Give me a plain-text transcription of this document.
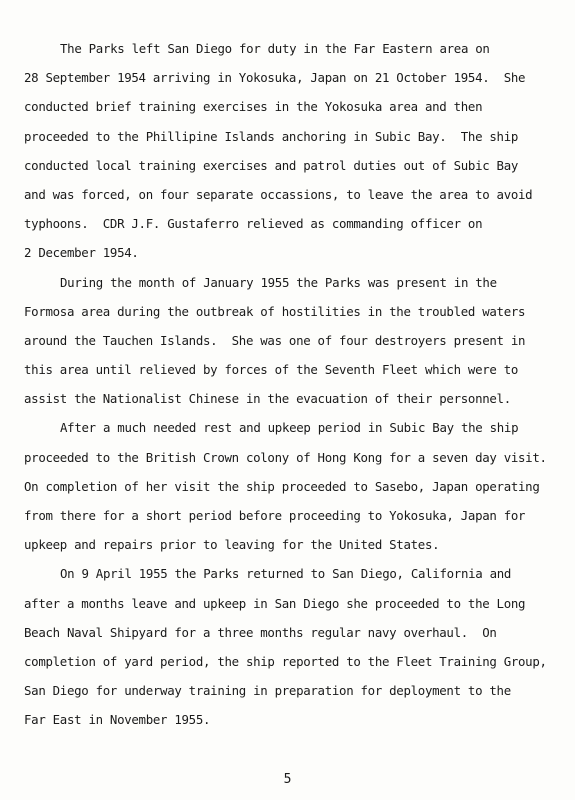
The Parks left San Diego for duty in the Far Eastern area on
28 September 1954 arriving in Yokosuka, Japan on 21 October 1954.  She
conducted brief training exercises in the Yokosuka area and then
proceeded to the Phillipine Islands anchoring in Subic Bay.  The ship
conducted local training exercises and patrol duties out of Subic Bay
and was forced, on four separate occassions, to leave the area to avoid
typhoons.  CDR J.F. Gustaferro relieved as commanding officer on
2 December 1954.
During the month of January 1955 the Parks was present in the
Formosa area during the outbreak of hostilities in the troubled waters
around the Tauchen Islands.  She was one of four destroyers present in
this area until relieved by forces of the Seventh Fleet which were to
assist the Nationalist Chinese in the evacuation of their personnel.
After a much needed rest and upkeep period in Subic Bay the ship
proceeded to the British Crown colony of Hong Kong for a seven day visit.
On completion of her visit the ship proceeded to Sasebo, Japan operating
from there for a short period before proceeding to Yokosuka, Japan for
upkeep and repairs prior to leaving for the United States.
On 9 April 1955 the Parks returned to San Diego, California and
after a months leave and upkeep in San Diego she proceeded to the Long
Beach Naval Shipyard for a three months regular navy overhaul.  On
completion of yard period, the ship reported to the Fleet Training Group,
San Diego for underway training in preparation for deployment to the
Far East in November 1955.
5
